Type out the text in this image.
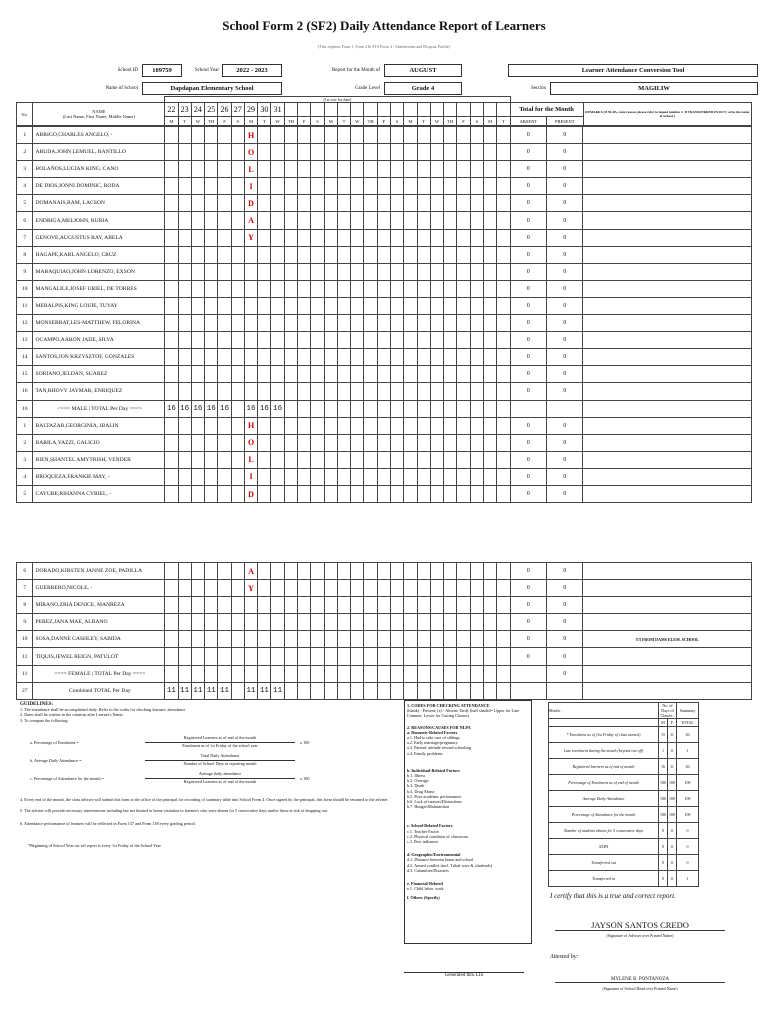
School Form 2 (SF2) Daily Attendance Report of Learners
(This replaces Form 1, Form 2 & STS Form 4 - Absenteeism and Dropout Profile)
School ID	109759	School Year	2022 - 2023	Report for the Month of	AUGUST	Learner Attendance Conversion Tool
Name of School	Dapdapan Elementary School	Grade Level	Grade 4	Section	MAGILIW
		(1st row for date)																												
No.	NAME
(Last Name, First Name, Middle Name)	22	23	24	25	26	27	29	30	31																		Total for the Month		REMARKS (If NLPA, state reason, please refer to legend number 2. If TRANSFERRED IN/OUT, write the name of School.)
		M	T	W	TH	F	S	M	T	W	TH	F	S	M	T	W	TH	F	S	M	T	W	TH	F	S	M	T	ABSENT	PRESENT	
1	ABRIGO,CHARLES ANGELO, -							H																				0	0	
2	ABUDA,JOHN LEMUEL, BANTILLO							O																				0	0	
3	BOLAÑOS,LUCIAN KING, CANO							L																				0	0	
4	DE DIOS,JONNI DOMINIC, RODA							I																				0	0	
5	DOMANAIS,RAM, LACSON							D																				0	0	
6	ENDRIGA,MELJOHN, RUBIA							A																				0	0	
7	GENOVE,AUGUSTUS RAY, ABELA							Y																				0	0	
8	HAGAPE,KARL ANGELO, CRUZ																											0	0	
9	MABAQUIAO,JOHN LORENZO, EXSON																											0	0	
10	MANGALILE,JOSEF URIEL, DE TORRES																											0	0	
11	MERALPIS,KING LOUIE, TUYAY																											0	0	
12	MONSERRAT,LES-MATTHEW, FELORINA																											0	0	
13	OCAMPO,AARON JADE, SILVA																											0	0	
14	SANTOS,JON KRZYSZTOF, GONZALES																											0	0	
15	SORIANO,JELDAN, SUAREZ																											0	0	
16	TAN,RHOVY JAYMAR, ENRIQUEZ																											0	0	
16	<=== MALE | TOTAL Per Day ===>	16	16	16	16	16		16	16	16																				
1	BALTAZAR,GEORGINIA, IBALIN							H																				0	0	
2	BARILA,YAZZI, GALICIO							O																				0	0	
3	BIEN,SHANTEL AMYTRISH, VENDER							L																				0	0	
4	BROQUEZA,FRANKIE MAY, -							I																				0	0	
5	CAYUBE,RIHANNA CYRIEL, -							D																				0	0	
6	DORADO,KIRSTEN JANNE ZOE, PADILLA							A																				0	0	
7	GUERRERO,NICOLE, -							Y																				0	0	
8	MIRANO,ZRIA DENICE, MANREZA																											0	0	
9	PEREZ,JANA MAE, ALBANO																											0	0	
10	SOSA,DANNE CASHLEY, SABIDA																											0	0	T/I FROM DAMS ELEM. SCHOOL
11	TIQUIS,JEWEL REIGN, PATULOT																											0	0	
11	<=== FEMALE | TOTAL Per Day ===>																												0	
27	Combined TOTAL Per Day	11	11	11	11	11		11	11	11																				
GUIDELINES:
1. The attendance shall be accomplished daily. Refer to the codes for checking learners' attendance.
2. Dates shall be written in the columns after Learner's Name.
3. To compute the following:
a. Percentage of Enrolment =
Registered Learners as of end of the month
Enrolment as of 1st Friday of the school year
x 100
b. Average Daily Attendance =
Total Daily Attendance
Number of School Days in reporting month
c. Percentage of Attendance for the month =
Average daily attendance
Registered Learners as of end of the month
x 100
4. Every end of the month, the class adviser will submit this form to the office of the principal for recording of summary table into School Form 4. Once signed by the principal, this form should be returned to the adviser.
5. The adviser will provide necessary interventions including but not limited to home visitation to learner/s who were absent for 5 consecutive days and/or those at risk of dropping out.
6. Attendance performance of learners will be reflected in Form 137 and Form 138 every grading period.
*Beginning of School Year cut-off report is every 1st Friday of the School Year
1. CODES FOR CHECKING ATTENDANCE
(blank) - Present; (x) - Absent; Tardy (half shaded= Upper for Late Commer, Lower for Cutting Classes)
2. REASONS/CAUSES FOR NLPA
a. Domestic-Related Factors
a.1. Had to take care of siblings
a.2. Early marriage/pregnancy
a.3. Parents' attitude toward schooling
a.4. Family problems
b. Individual-Related Factors
b.1. Illness
b.2. Overage
b.3. Death
b.4. Drug Abuse
b.5. Poor academic performance
b.6. Lack of interest/Distractions
b.7. Hunger/Malnutrition
c. School-Related Factors
c.1. Teacher Factor
c.2. Physical condition of classroom
c.3. Peer influence
d. Geographic/Environmental
d.1. Distance between home and school
d.2. Armed conflict (incl. Tribal wars & clanfeuds)
d.3. Calamities/Disasters
e. Financial-Related
e.1. Child labor, work
f. Others (Specify)
Month :	No. of Days of Classes :		Summary
	M	F	TOTAL
* Enrolment as of (1st Friday of class started)	15	11	26
Late enrolment during the month (beyond cut-off)	1	0	1
Registered learners as of end of month	16	11	26
Percentage of Enrolment as of end of month	100	100	100
Average Daily Attendance	100	100	100
Percentage of Attendance for the month	100	100	100
Number of students absent for 5 consecutive days	0	0	0
NLPA	0	0	0
Transferred out	0	0	0
Transferred in	0	0	1
I certify that this is a true and correct report.
JAYSON SANTOS CREDO
(Signature of Adviser over Printed Name)
Attested by:
MYLENE B. PONTANOZA
(Signature of School Head over Printed Name)
Generated thru LIS
